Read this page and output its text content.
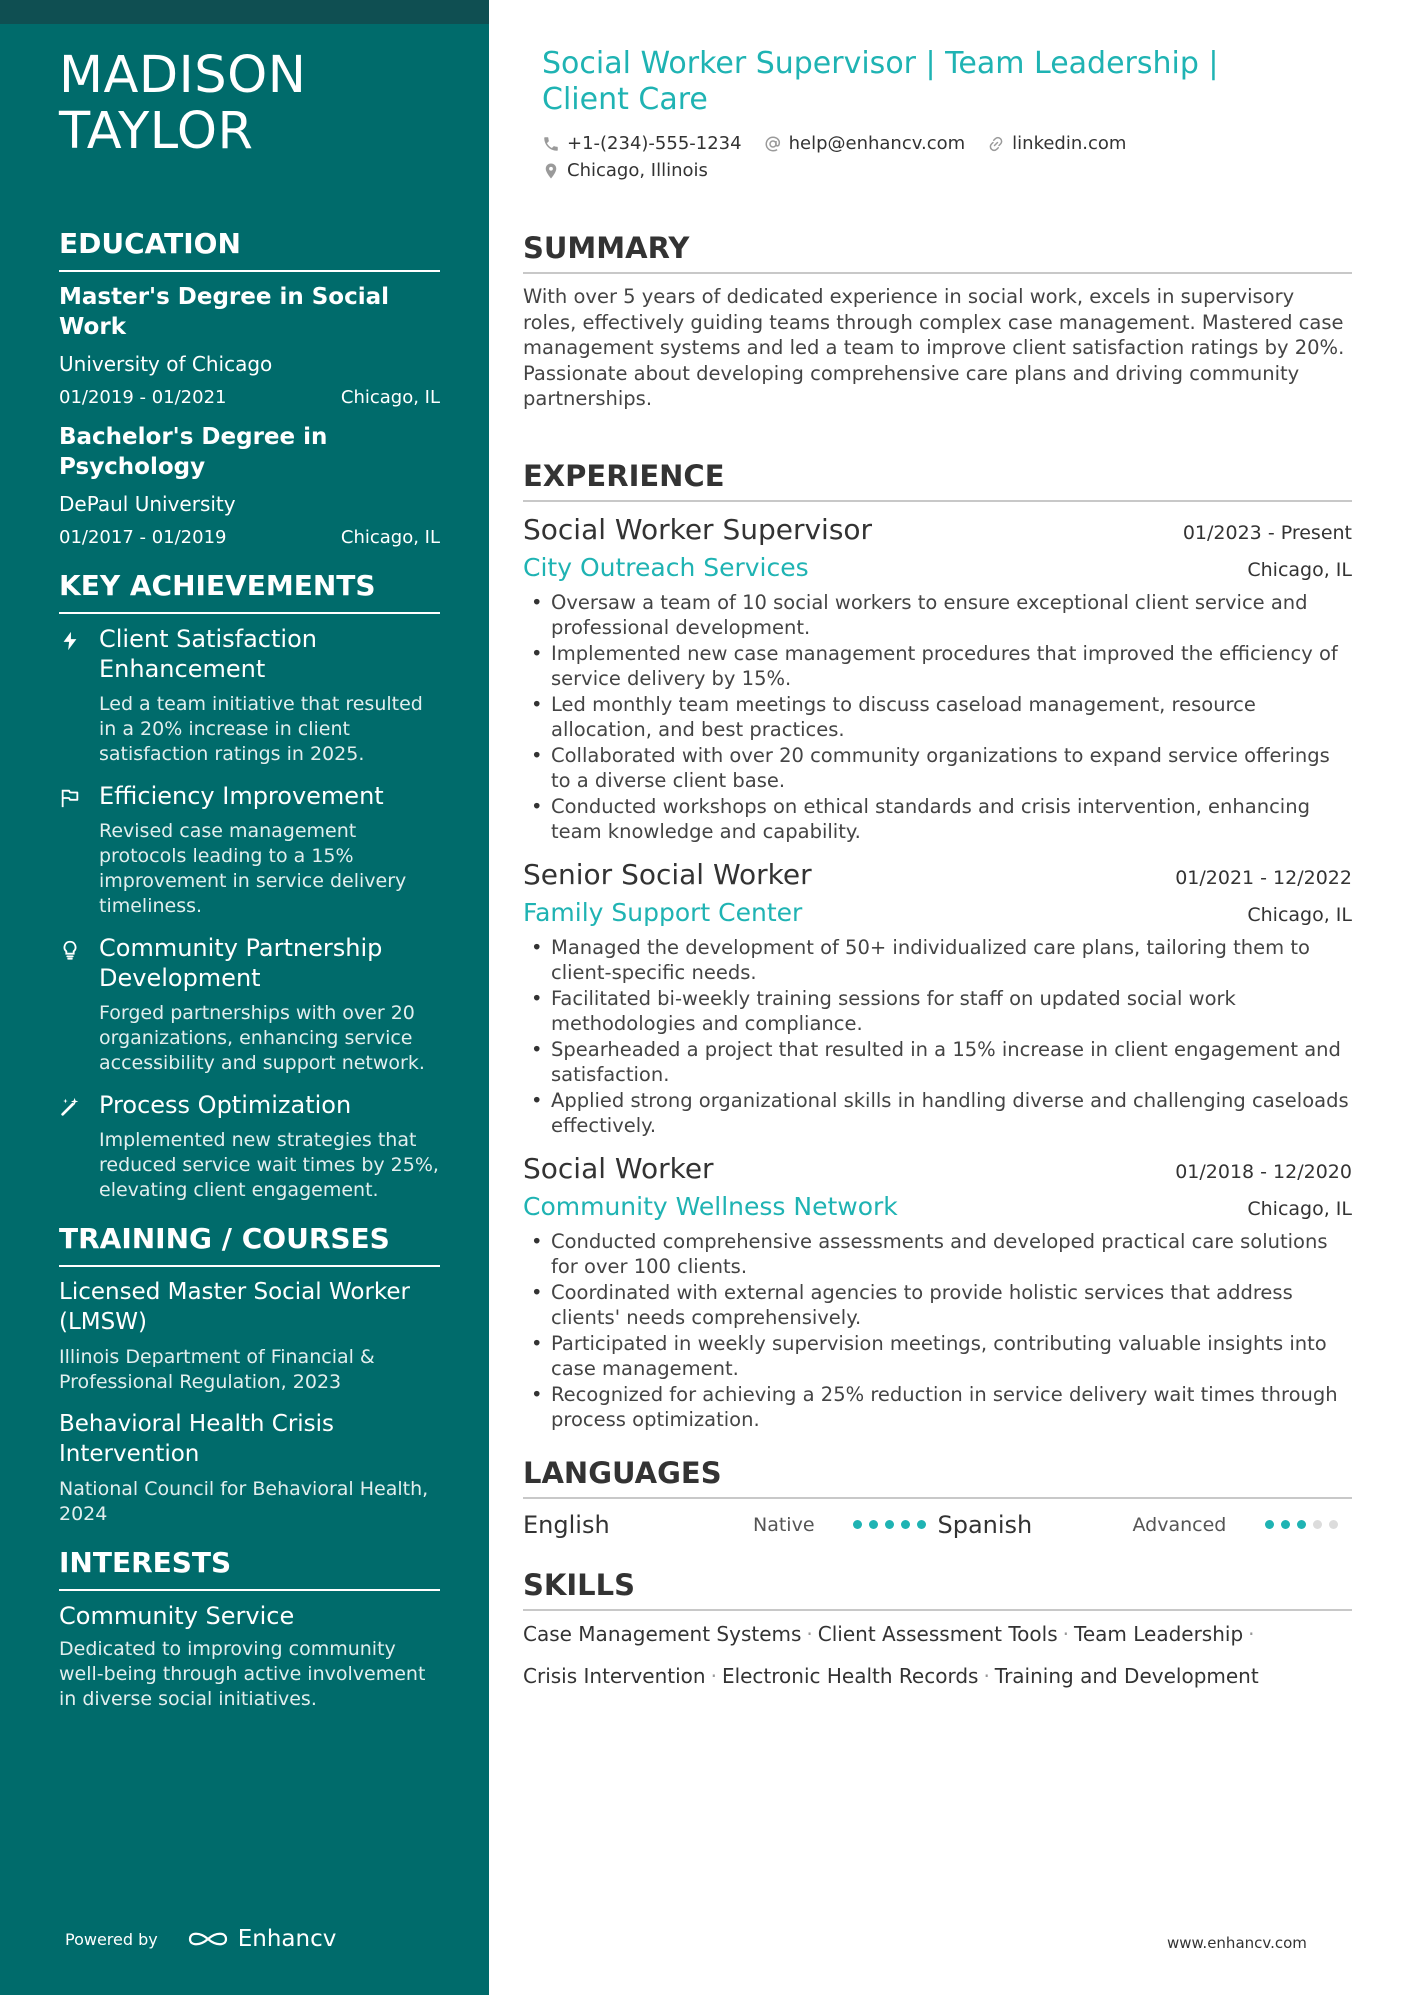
MADISON
TAYLOR
EDUCATION
Master's Degree in Social Work
University of Chicago
01/2019 - 01/2021	Chicago, IL
Bachelor's Degree in Psychology
DePaul University
01/2017 - 01/2019	Chicago, IL
KEY ACHIEVEMENTS
Client Satisfaction Enhancement
Led a team initiative that resulted in a 20% increase in client satisfaction ratings in 2025.
Efficiency Improvement
Revised case management protocols leading to a 15% improvement in service delivery timeliness.
Community Partnership Development
Forged partnerships with over 20 organizations, enhancing service accessibility and support network.
Process Optimization
Implemented new strategies that reduced service wait times by 25%, elevating client engagement.
TRAINING / COURSES
Licensed Master Social Worker (LMSW)
Illinois Department of Financial & Professional Regulation, 2023
Behavioral Health Crisis Intervention
National Council for Behavioral Health, 2024
INTERESTS
Community Service
Dedicated to improving community well-being through active involvement in diverse social initiatives.
Powered by	Enhancv
Social Worker Supervisor | Team Leadership | Client Care
+1-(234)-555-1234	help@enhancv.com	linkedin.com
Chicago, Illinois
SUMMARY

With over 5 years of dedicated experience in social work, excels in supervisory roles, effectively guiding teams through complex case management. Mastered case management systems and led a team to improve client satisfaction ratings by 20%. Passionate about developing comprehensive care plans and driving community partnerships.

EXPERIENCE
Social Worker Supervisor	01/2023 - Present
City Outreach Services	Chicago, IL
• Oversaw a team of 10 social workers to ensure exceptional client service and professional development.
• Implemented new case management procedures that improved the efficiency of service delivery by 15%.
• Led monthly team meetings to discuss caseload management, resource allocation, and best practices.
• Collaborated with over 20 community organizations to expand service offerings to a diverse client base.
• Conducted workshops on ethical standards and crisis intervention, enhancing team knowledge and capability.
Senior Social Worker	01/2021 - 12/2022
Family Support Center	Chicago, IL
• Managed the development of 50+ individualized care plans, tailoring them to client-specific needs.
• Facilitated bi-weekly training sessions for staff on updated social work methodologies and compliance.
• Spearheaded a project that resulted in a 15% increase in client engagement and satisfaction.
• Applied strong organizational skills in handling diverse and challenging caseloads effectively.
Social Worker	01/2018 - 12/2020
Community Wellness Network	Chicago, IL
• Conducted comprehensive assessments and developed practical care solutions for over 100 clients.
• Coordinated with external agencies to provide holistic services that address clients' needs comprehensively.
• Participated in weekly supervision meetings, contributing valuable insights into case management.
• Recognized for achieving a 25% reduction in service delivery wait times through process optimization.
LANGUAGES
English	Native	Spanish	Advanced
SKILLS
Case Management Systems · Client Assessment Tools · Team Leadership ·
Crisis Intervention · Electronic Health Records · Training and Development
www.enhancv.com
